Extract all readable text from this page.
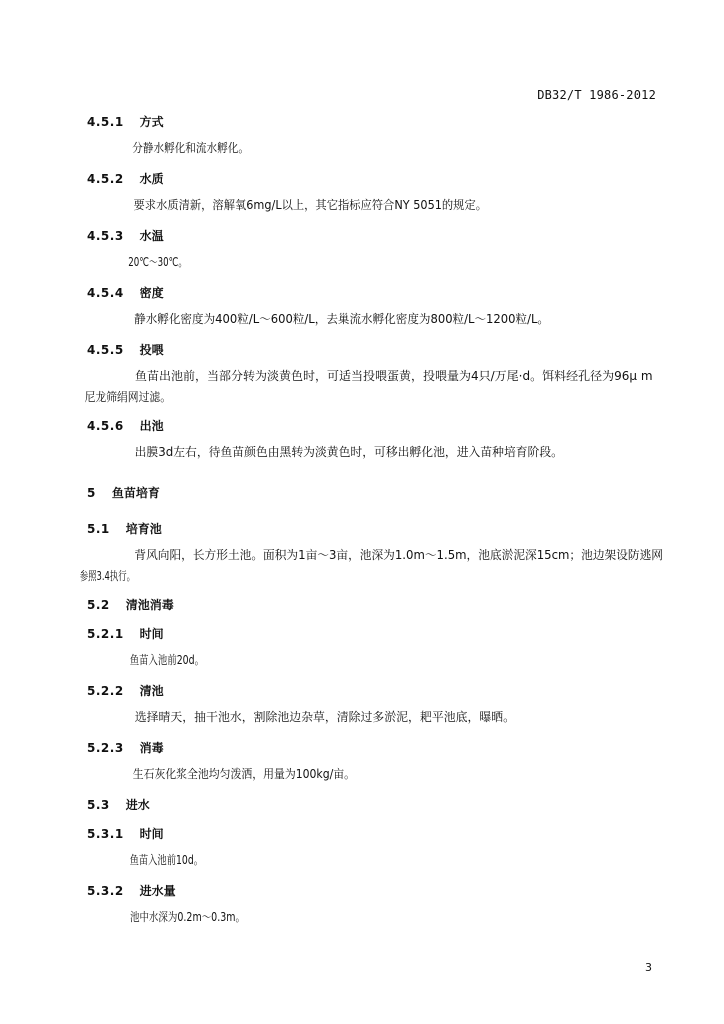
DB32/T 1986-2012
4.5.1 方式
分静水孵化和流水孵化。
4.5.2 水质
要求水质清新，溶解氧6mg/L以上，其它指标应符合NY 5051的规定。
4.5.3 水温
20℃～30℃。
4.5.4 密度
静水孵化密度为400粒/L～600粒/L，去巢流水孵化密度为800粒/L～1200粒/L。
4.5.5 投喂
鱼苗出池前，当部分转为淡黄色时，可适当投喂蛋黄，投喂量为4只/万尾·d。饵料经孔径为96μ m
尼龙筛绢网过滤。
4.5.6 出池
出膜3d左右，待鱼苗颜色由黑转为淡黄色时，可移出孵化池，进入苗种培育阶段。
5 鱼苗培育
5.1 培育池
背风向阳，长方形土池。面积为1亩～3亩，池深为1.0m～1.5m，池底淤泥深15cm；池边架设防逃网
参照3.4执行。
5.2 清池消毒
5.2.1 时间
鱼苗入池前20d。
5.2.2 清池
选择晴天，抽干池水，割除池边杂草，清除过多淤泥，耙平池底，曝晒。
5.2.3 消毒
生石灰化浆全池均匀泼洒，用量为100kg/亩。
5.3 进水
5.3.1 时间
鱼苗入池前10d。
5.3.2 进水量
池中水深为0.2m～0.3m。
3
